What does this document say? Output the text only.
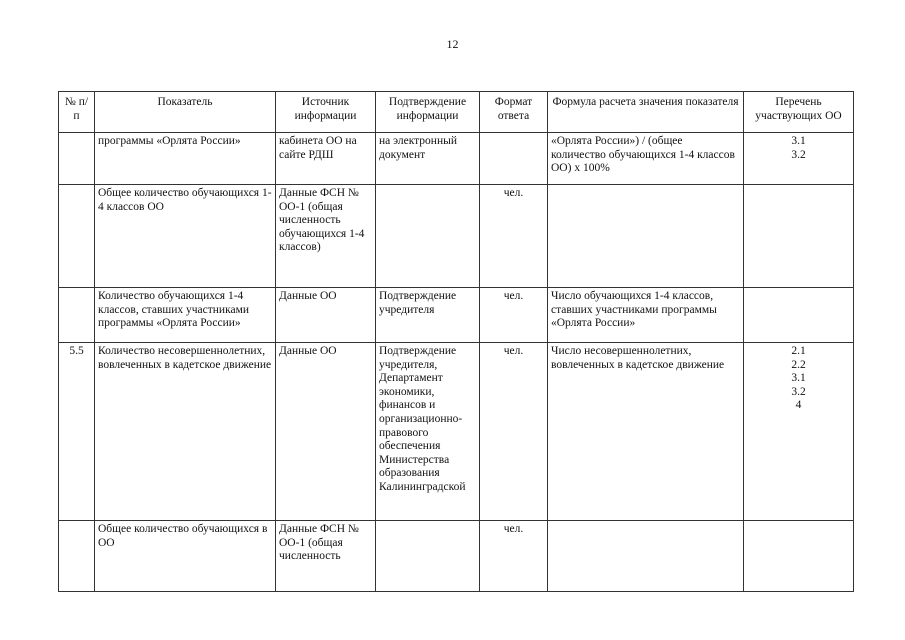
12
№ п/п	Показатель	Источник информации	Подтверждение информации	Формат ответа	Формула расчета значения показателя	Перечень участвующих ОО
	программы «Орлята России»	кабинета ОО на сайте РДШ	на электронный документ		«Орлята России») / (общее количество обучающихся 1-4 классов ОО) х 100%	3.1
3.2

	Общее количество обучающихся 1-4 классов ОО	Данные ФСН № ОО-1 (общая численность обучающихся 1-4 классов)		чел.		
	Количество обучающихся 1-4 классов, ставших участниками программы «Орлята России»	Данные ОО	Подтверждение учредителя	чел.	Число обучающихся 1-4 классов, ставших участниками программы «Орлята России»	
5.5	Количество несовершеннолетних, вовлеченных в кадетское движение	Данные ОО	Подтверждение учредителя, Департамент экономики, финансов и организационно-правового обеспечения Министерства образования Калининградской	чел.	Число несовершеннолетних, вовлеченных в кадетское движение	2.1
2.2
3.1
3.2
4

	Общее количество обучающихся в ОО	Данные ФСН № ОО-1 (общая численность		чел.		
